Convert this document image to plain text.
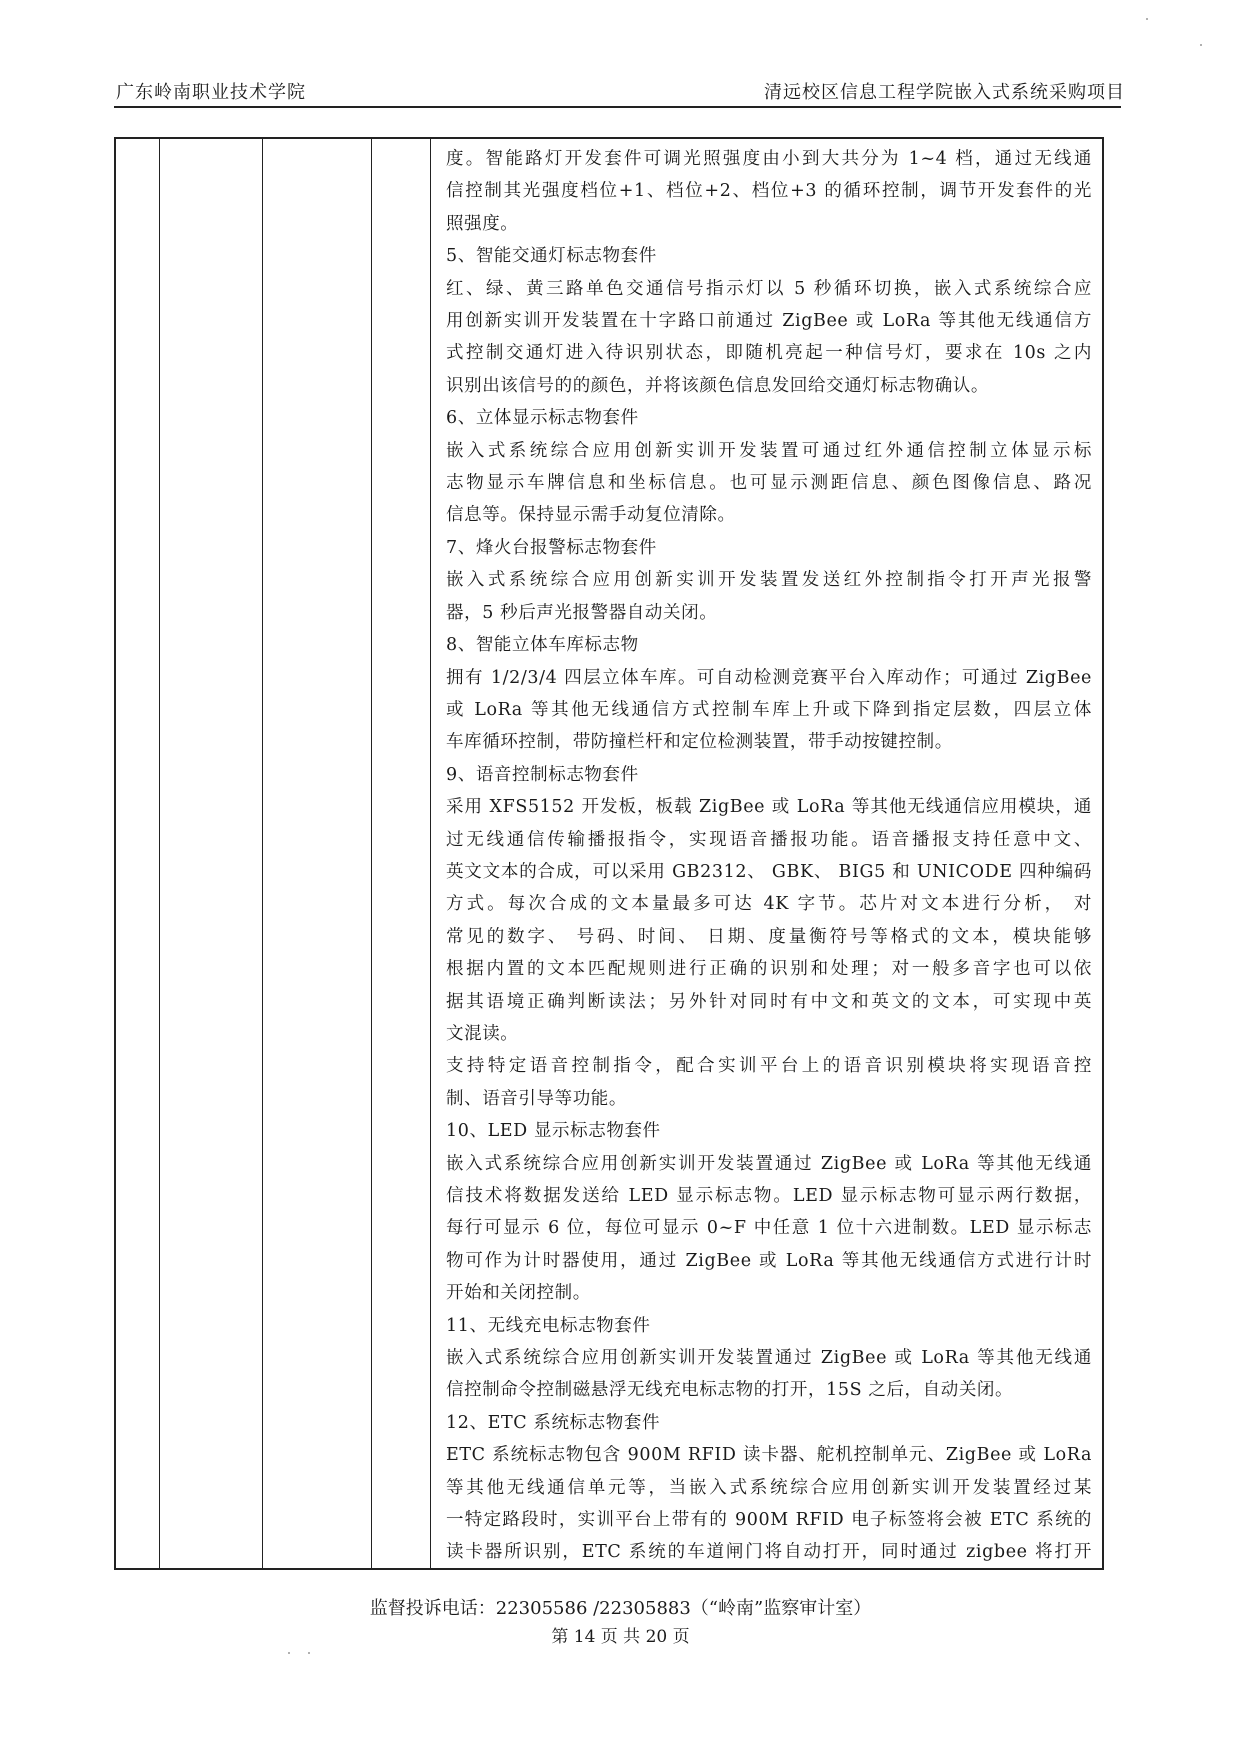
广东岭南职业技术学院	清远校区信息工程学院嵌入式系统采购项目
度。智能路灯开发套件可调光照强度由小到大共分为 1~4 档，通过无线通
信控制其光强度档位+1、档位+2、档位+3 的循环控制，调节开发套件的光
照强度。
5、智能交通灯标志物套件
红、绿、黄三路单色交通信号指示灯以 5 秒循环切换，嵌入式系统综合应
用创新实训开发装置在十字路口前通过 ZigBee 或 LoRa 等其他无线通信方
式控制交通灯进入待识别状态，即随机亮起一种信号灯，要求在 10s 之内
识别出该信号的的颜色，并将该颜色信息发回给交通灯标志物确认。
6、立体显示标志物套件
嵌入式系统综合应用创新实训开发装置可通过红外通信控制立体显示标
志物显示车牌信息和坐标信息。也可显示测距信息、颜色图像信息、路况
信息等。保持显示需手动复位清除。
7、烽火台报警标志物套件
嵌入式系统综合应用创新实训开发装置发送红外控制指令打开声光报警
器，5 秒后声光报警器自动关闭。
8、智能立体车库标志物
拥有 1/2/3/4 四层立体车库。可自动检测竞赛平台入库动作；可通过 ZigBee
或 LoRa 等其他无线通信方式控制车库上升或下降到指定层数，四层立体
车库循环控制，带防撞栏杆和定位检测装置，带手动按键控制。
9、语音控制标志物套件
采用 XFS5152 开发板，板载 ZigBee 或 LoRa 等其他无线通信应用模块，通
过无线通信传输播报指令，实现语音播报功能。语音播报支持任意中文、
英文文本的合成，可以采用 GB2312、 GBK、 BIG5 和 UNICODE 四种编码
方式。每次合成的文本量最多可达 4K 字节。芯片对文本进行分析， 对
常见的数字、 号码、时间、 日期、度量衡符号等格式的文本，模块能够
根据内置的文本匹配规则进行正确的识别和处理；对一般多音字也可以依
据其语境正确判断读法；另外针对同时有中文和英文的文本，可实现中英
文混读。
支持特定语音控制指令，配合实训平台上的语音识别模块将实现语音控
制、语音引导等功能。
10、LED 显示标志物套件
嵌入式系统综合应用创新实训开发装置通过 ZigBee 或 LoRa 等其他无线通
信技术将数据发送给 LED 显示标志物。LED 显示标志物可显示两行数据，
每行可显示 6 位，每位可显示 0~F 中任意 1 位十六进制数。LED 显示标志
物可作为计时器使用，通过 ZigBee 或 LoRa 等其他无线通信方式进行计时
开始和关闭控制。
11、无线充电标志物套件
嵌入式系统综合应用创新实训开发装置通过 ZigBee 或 LoRa 等其他无线通
信控制命令控制磁悬浮无线充电标志物的打开，15S 之后，自动关闭。
12、ETC 系统标志物套件
ETC 系统标志物包含 900M RFID 读卡器、舵机控制单元、ZigBee 或 LoRa
等其他无线通信单元等，当嵌入式系统综合应用创新实训开发装置经过某
一特定路段时，实训平台上带有的 900M RFID 电子标签将会被 ETC 系统的
读卡器所识别，ETC 系统的车道闸门将自动打开，同时通过 zigbee 将打开
监督投诉电话：22305586 /22305883（“岭南”监察审计室）
第 14 页 共 20 页
